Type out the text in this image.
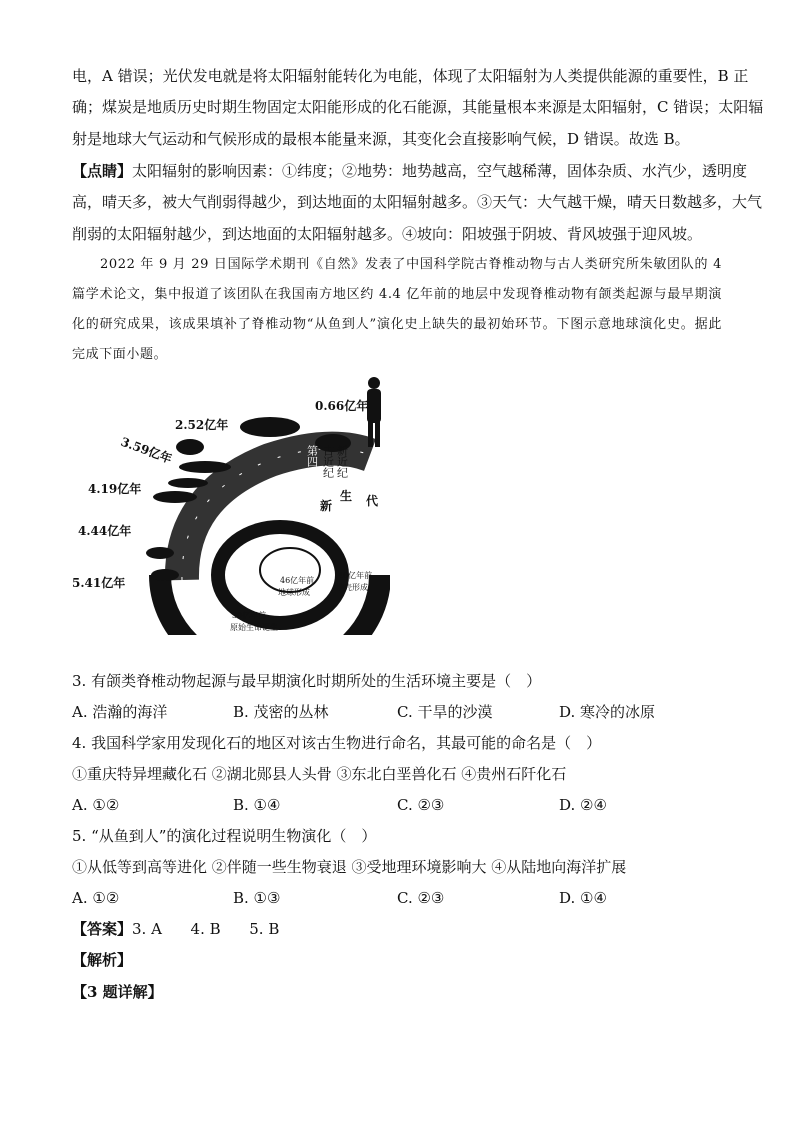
电，A 错误；光伏发电就是将太阳辐射能转化为电能，体现了太阳辐射为人类提供能源的重要性，B 正
确；煤炭是地质历史时期生物固定太阳能形成的化石能源，其能量根本来源是太阳辐射，C 错误；太阳辐
射是地球大气运动和气候形成的最根本能量来源，其变化会直接影响气候，D 错误。故选 B。
【点睛】太阳辐射的影响因素：①纬度；②地势：地势越高，空气越稀薄，固体杂质、水汽少，透明度
高，晴天多，被大气削弱得越少，到达地面的太阳辐射越多。③天气：大气越干燥，晴天日数越多，大气
削弱的太阳辐射越少，到达地面的太阳辐射越多。④坡向：阳坡强于阴坡、背风坡强于迎风坡。
2022 年 9 月 29 日国际学术期刊《自然》发表了中国科学院古脊椎动物与古人类研究所朱敏团队的 4 篇学术论文，集中报道了该团队在我国南方地区约 4.4 亿年前的地层中发现脊椎动物有颌类起源与最早期演化的研究成果，该成果填补了脊椎动物“从鱼到人”演化史上缺失的最初始环节。下图示意地球演化史。据此完成下面小题。
0.66亿年
2.52亿年
3.59亿年
4.19亿年
4.44亿年
5.41亿年
古近纪 新近纪
第四纪
新
生 代
46亿年前
地球形成
40亿年前
地壳形成
30亿年前
原始生命诞生
3. 有颌类脊椎动物起源与最早期演化时期所处的生活环境主要是（　）
A. 浩瀚的海洋	B. 茂密的丛林	C. 干旱的沙漠	D. 寒冷的冰原
4. 我国科学家用发现化石的地区对该古生物进行命名，其最可能的命名是（　）
①重庆特异埋藏化石 ②湖北郧县人头骨 ③东北白垩兽化石 ④贵州石阡化石
A. ①②	B. ①④	C. ②③	D. ②④
5. “从鱼到人”的演化过程说明生物演化（　）
①从低等到高等进化 ②伴随一些生物衰退 ③受地理环境影响大 ④从陆地向海洋扩展
A. ①②	B. ①③	C. ②③	D. ①④
【答案】3. A      4. B      5. B
【解析】
【3 题详解】
